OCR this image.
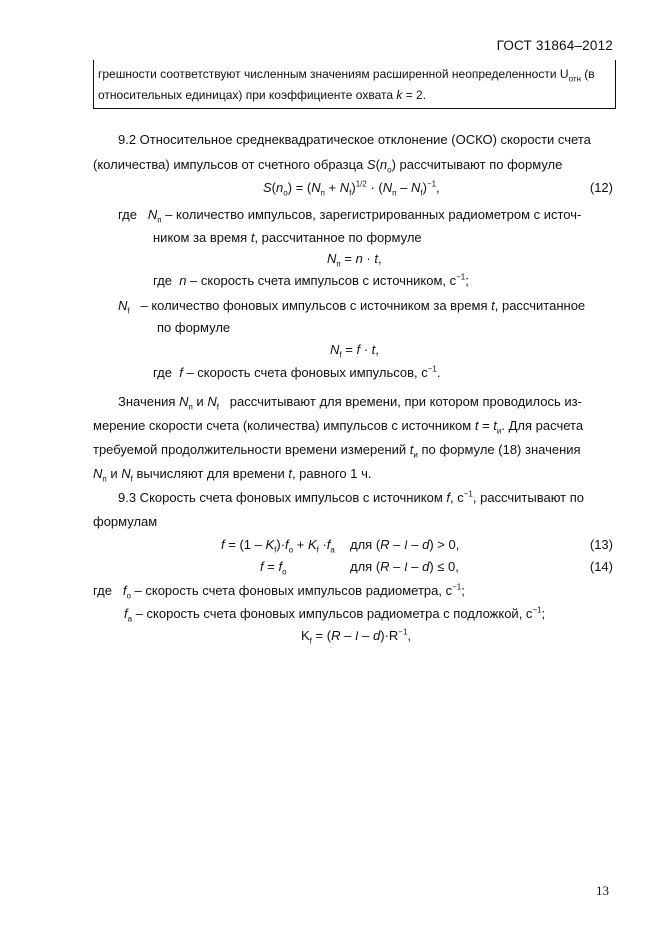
ГОСТ 31864–2012
грешности соответствуют численным значениям расширенной неопределенности $U_{отн}$ (в
относительных единицах) при коэффициенте охвата k = 2.
9.2 Относительное среднеквадратическое отклонение (ОСКО) скорости счета
(количества) импульсов от счетного образца $S(n_о)$ рассчитывают по формуле
$S(n_о) = (N_п + N_f)^{1/2} \cdot (N_п - N_f)^{-1}$,	(12)
где $N_п$ – количество импульсов, зарегистрированных радиометром с источ-
ником за время t, рассчитанное по формуле
$N_п = n \cdot t$,
где n – скорость счета импульсов с источником, $с^{-1}$;
$N_f$   – количество фоновых импульсов с источником за время t, рассчитанное
по формуле
$N_f = f \cdot t$,
где f – скорость счета фоновых импульсов, $с^{-1}$.
Значения $N_п$ и $N_f$   рассчитывают для времени, при котором проводилось из-
мерение скорости счета (количества) импульсов с источником $t = t_и$. Для расчета
требуемой продолжительности времени измерений $t_и$ по формуле (18) значения
$N_п$ и $N_f$ вычисляют для времени t, равного 1 ч.
9.3 Скорость счета фоновых импульсов с источником f, $с^{-1}$, рассчитывают по
формулам
$f = (1 - K_f)\cdot f_о + K_f \cdot f_а$ для (R – l – d) > 0,	(13)
$f = f_о$	для (R – l – d) ≤ 0,	(14)
где $f_о$ – скорость счета фоновых импульсов радиометра, $с^{-1}$;
$f_а$ – скорость счета фоновых импульсов радиометра с подложкой, $с^{-1}$;
$K_f = (R - l - d)\cdot R^{-1}$,
13
